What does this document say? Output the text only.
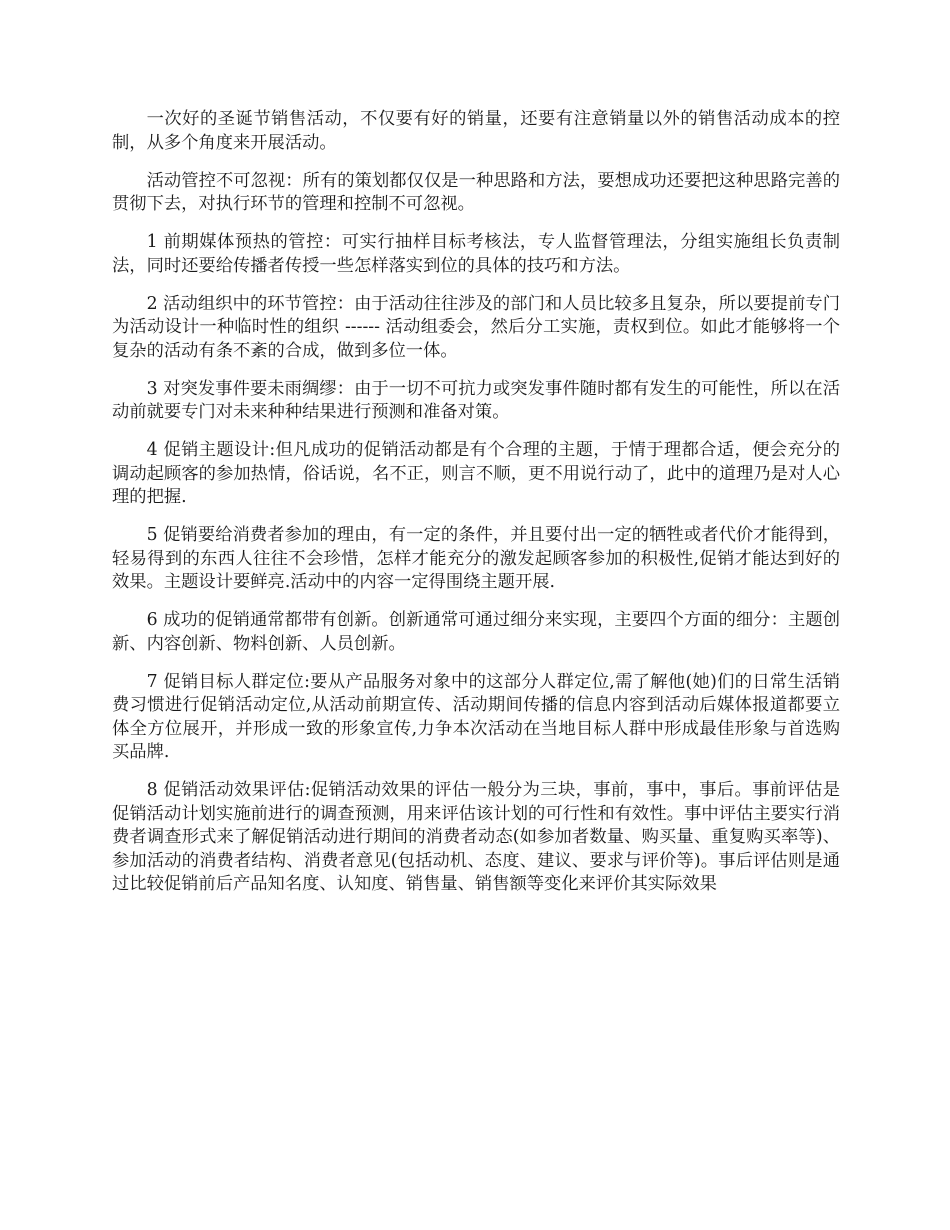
一次好的圣诞节销售活动，不仅要有好的销量，还要有注意销量以外的销售活动成本的控制，从多个角度来开展活动。

活动管控不可忽视：所有的策划都仅仅是一种思路和方法，要想成功还要把这种思路完善的贯彻下去，对执行环节的管理和控制不可忽视。

1 前期媒体预热的管控：可实行抽样目标考核法，专人监督管理法，分组实施组长负责制法，同时还要给传播者传授一些怎样落实到位的具体的技巧和方法。

2 活动组织中的环节管控：由于活动往往涉及的部门和人员比较多且复杂，所以要提前专门为活动设计一种临时性的组织 ------ 活动组委会，然后分工实施，责权到位。如此才能够将一个复杂的活动有条不紊的合成，做到多位一体。

3 对突发事件要未雨绸缪：由于一切不可抗力或突发事件随时都有发生的可能性，所以在活动前就要专门对未来种种结果进行预测和准备对策。

4 促销主题设计:但凡成功的促销活动都是有个合理的主题，于情于理都合适，便会充分的调动起顾客的参加热情，俗话说，名不正，则言不顺，更不用说行动了，此中的道理乃是对人心理的把握.

5 促销要给消费者参加的理由，有一定的条件，并且要付出一定的牺牲或者代价才能得到，轻易得到的东西人往往不会珍惜，怎样才能充分的激发起顾客参加的积极性,促销才能达到好的效果。主题设计要鲜亮.活动中的内容一定得围绕主题开展.

6 成功的促销通常都带有创新。创新通常可通过细分来实现，主要四个方面的细分：主题创新、内容创新、物料创新、人员创新。

7 促销目标人群定位:要从产品服务对象中的这部分人群定位,需了解他(她)们的日常生活销费习惯进行促销活动定位,从活动前期宣传、活动期间传播的信息内容到活动后媒体报道都要立体全方位展开，并形成一致的形象宣传,力争本次活动在当地目标人群中形成最佳形象与首选购买品牌.

8 促销活动效果评估:促销活动效果的评估一般分为三块，事前，事中，事后。事前评估是促销活动计划实施前进行的调查预测，用来评估该计划的可行性和有效性。事中评估主要实行消费者调查形式来了解促销活动进行期间的消费者动态(如参加者数量、购买量、重复购买率等)、参加活动的消费者结构、消费者意见(包括动机、态度、建议、要求与评价等)。事后评估则是通过比较促销前后产品知名度、认知度、销售量、销售额等变化来评价其实际效果
